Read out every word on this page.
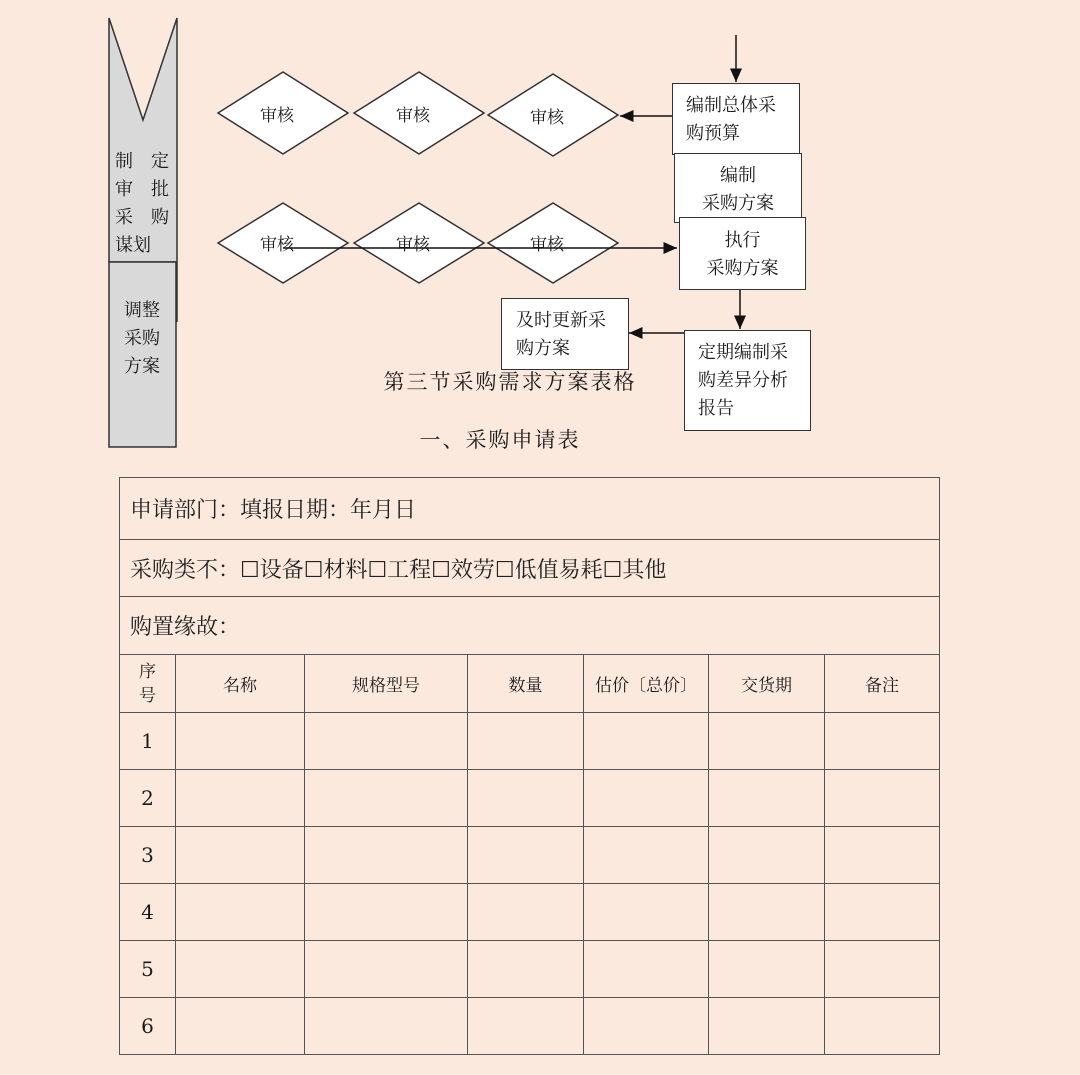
制　定
审　批
采　购
谋划
调整
采购
方案
审核	审核	审核
审核	审核	审核
编制总体采
购预算
编制
采购方案
执行
采购方案
及时更新采
购方案	定期编制采
购差异分析
报告
第三节采购需求方案表格
一、采购申请表
申请部门：填报日期：年月日						
采购类不：☐设备☐材料☐工程☐效劳☐低值易耗☐其他						
购置缘故：						
序号	名称	规格型号	数量	估价〔总价〕	交货期	备注
1						
2						
3						
4						
5						
6						
